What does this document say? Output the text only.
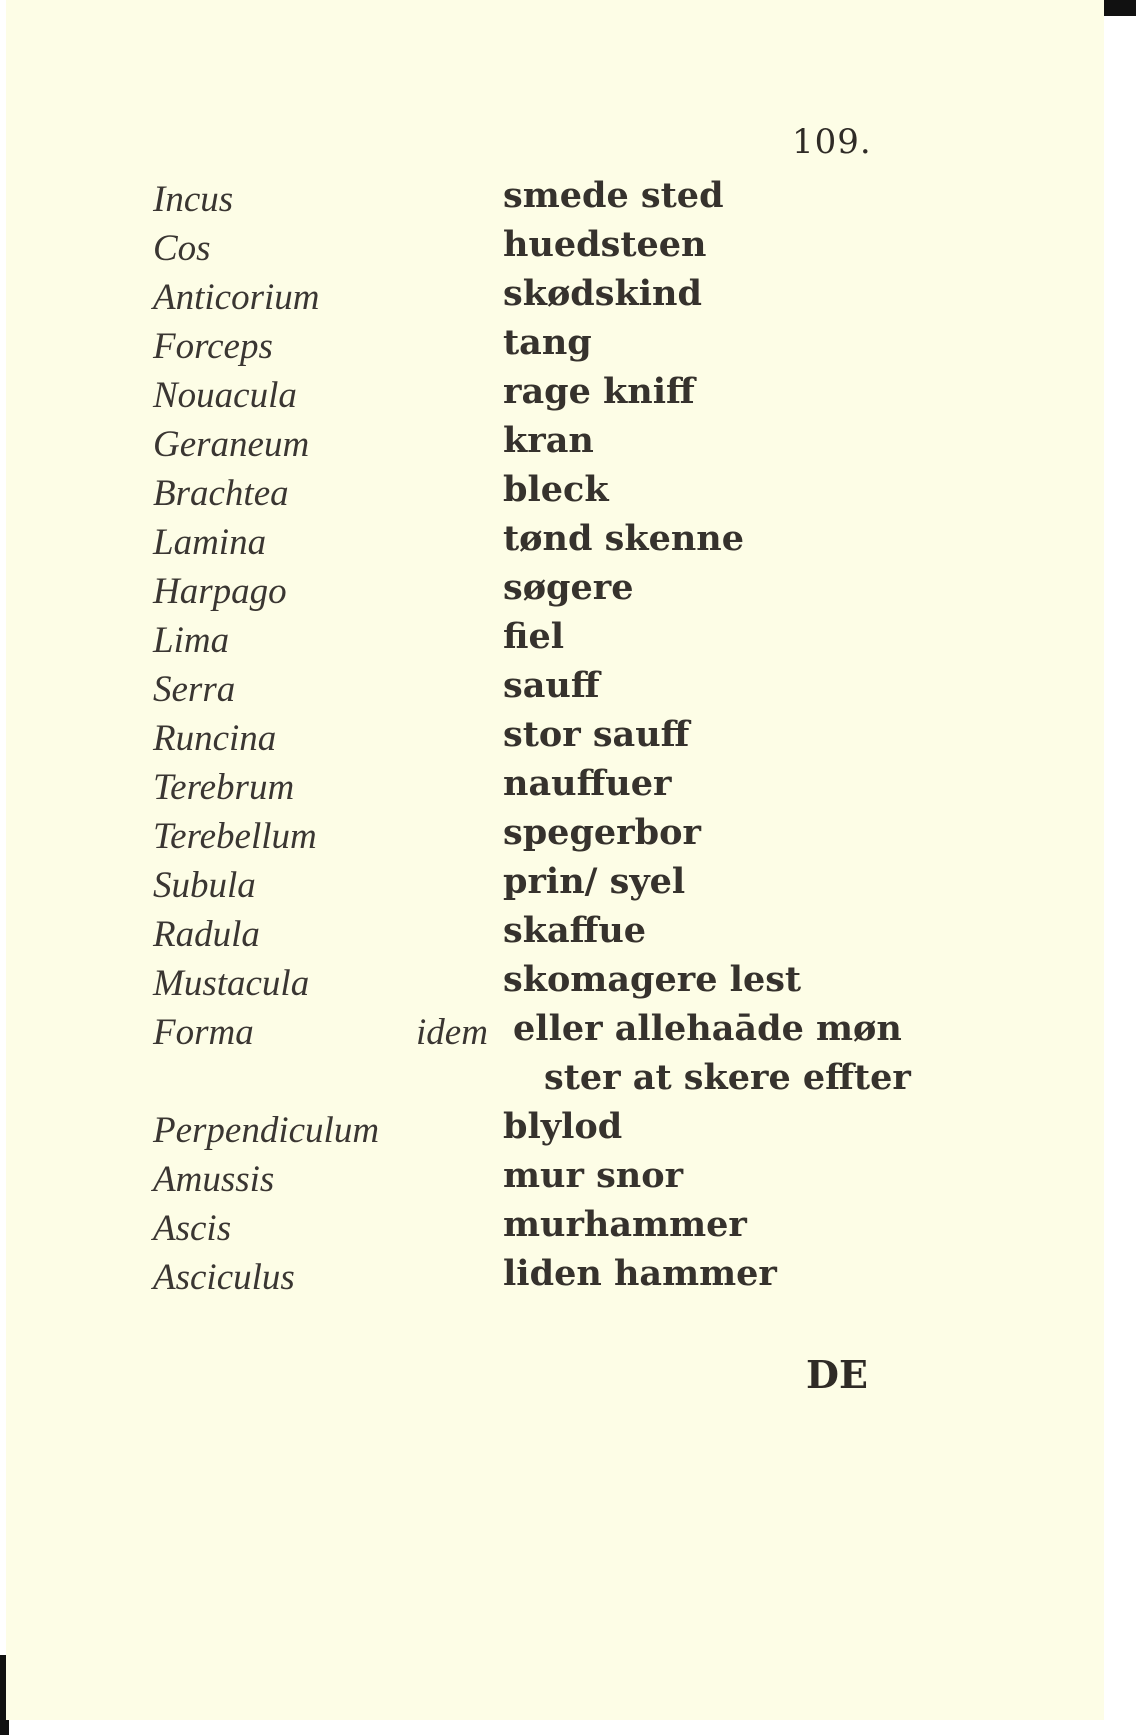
109.
Incus
Cos
Anticorium
Forceps
Nouacula
Geraneum
Brachtea
Lamina
Harpago
Lima
Serra
Runcina
Terebrum
Terebellum
Subula
Radula
Mustacula
Forma
Perpendiculum
Amussis
Ascis
Asciculus
idem
smede sted
huedsteen
skødskind
tang
rage kniff
kran
bleck
tønd skenne
søgere
fiel
sauff
stor sauff
nauffuer
spegerbor
prin/ syel
skaffue
skomagere lest
eller allehaāde møn
ster at skere effter
blylod
mur snor
murhammer
liden hammer
DE
